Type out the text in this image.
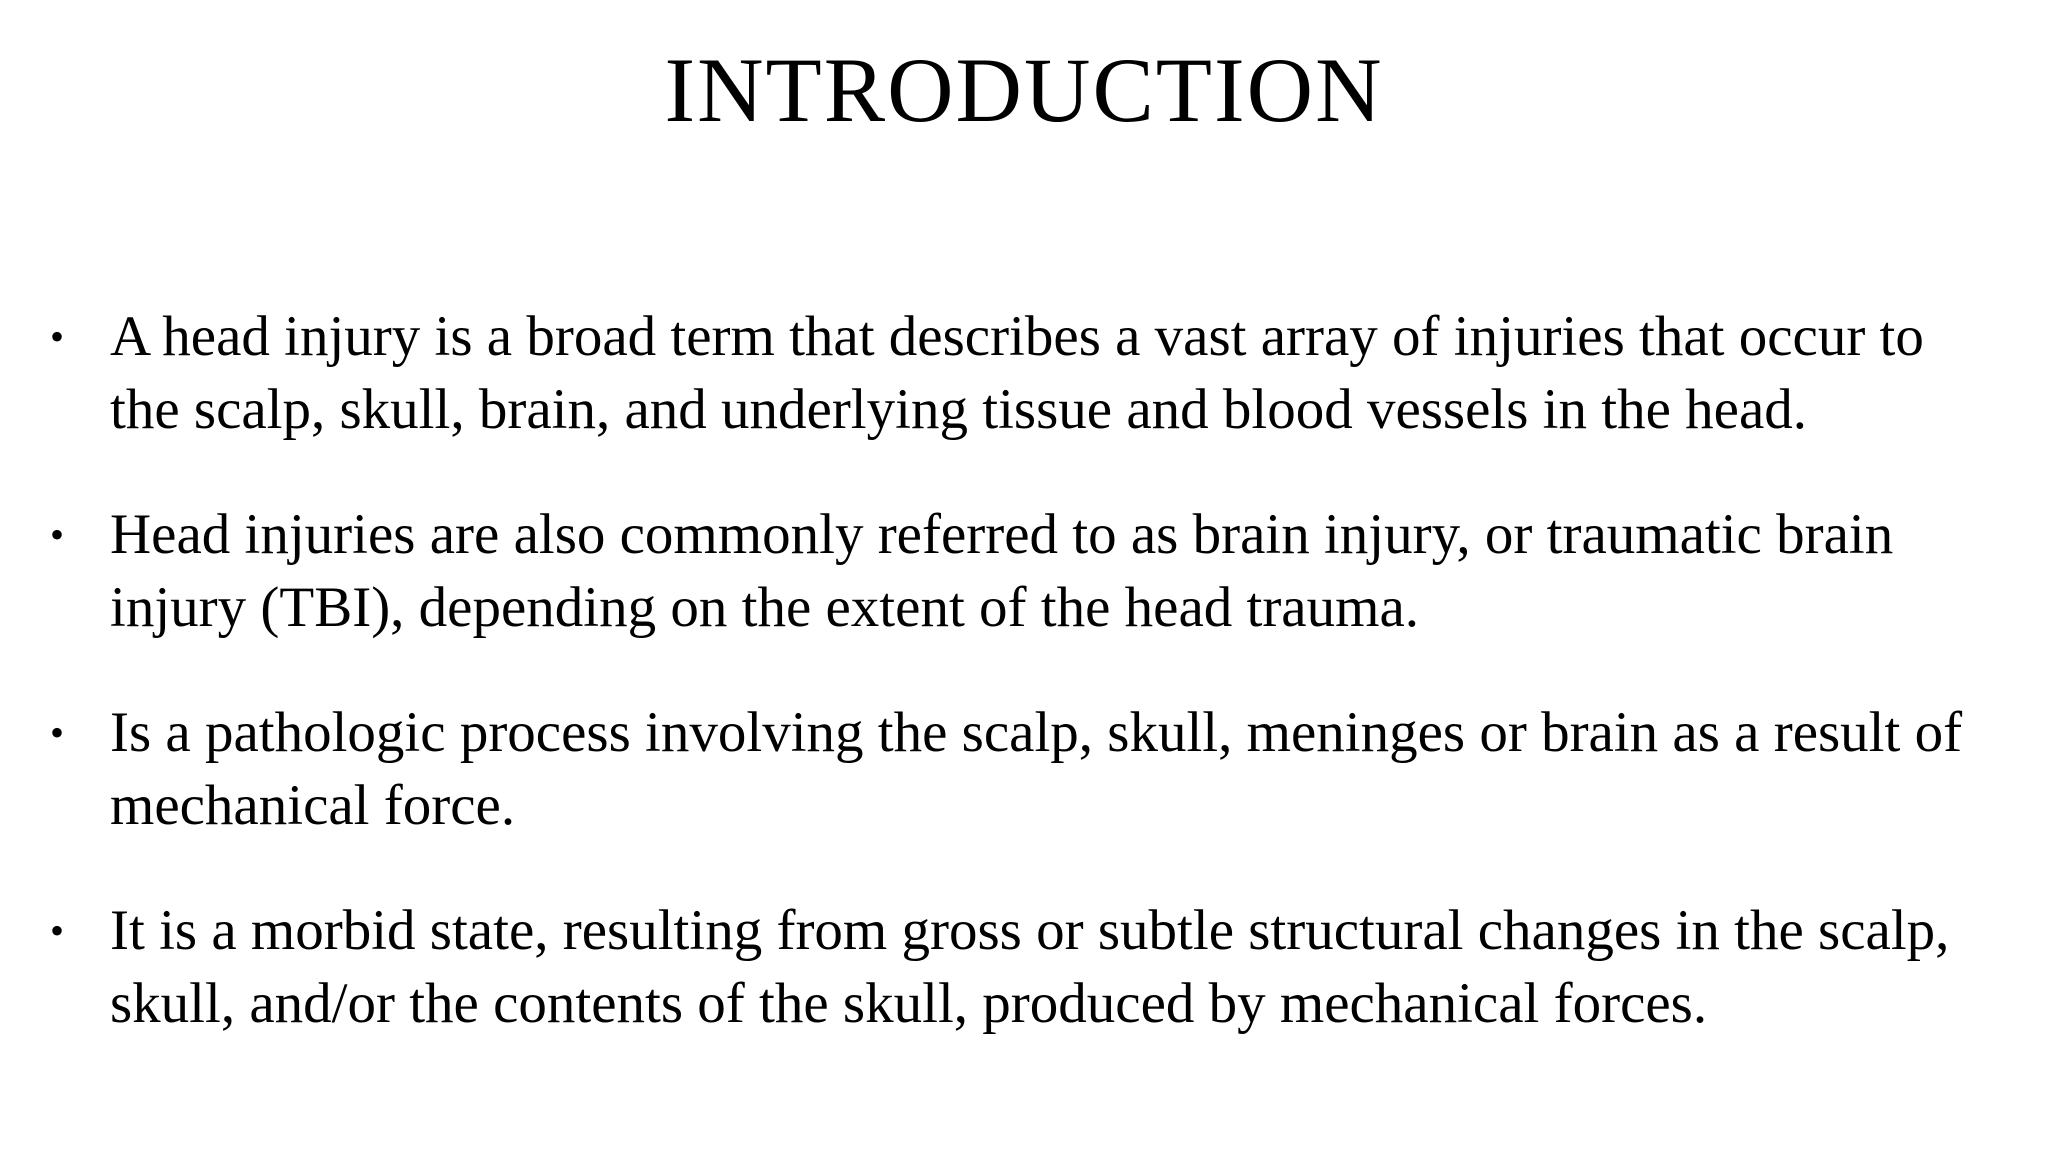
INTRODUCTION
• A head injury is a broad term that describes a vast array of injuries that occur to the scalp, skull, brain, and underlying tissue and blood vessels in the head.
• Head injuries are also commonly referred to as brain injury, or traumatic brain injury (TBI), depending on the extent of the head trauma.
• Is a pathologic process involving the scalp, skull, meninges or brain as a result of mechanical force.
• It is a morbid state, resulting from gross or subtle structural changes in the scalp, skull, and/or the contents of the skull, produced by mechanical forces.
